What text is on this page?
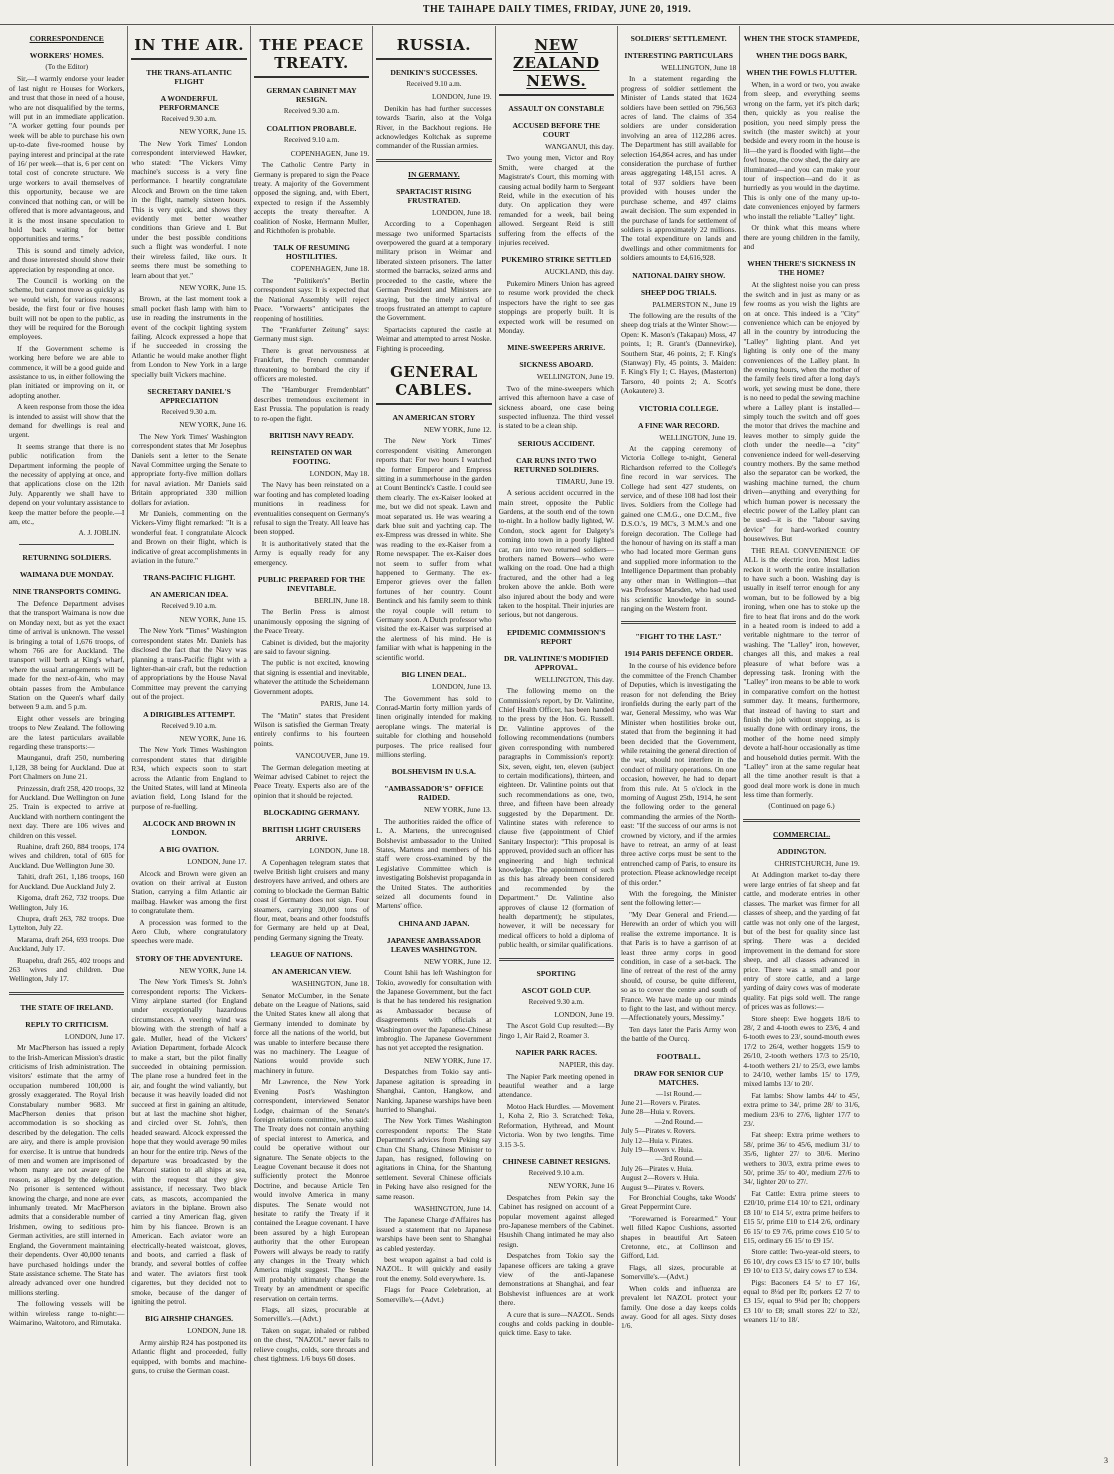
THE TAIHAPE DAILY TIMES, FRIDAY, JUNE 20, 1919.
CORRESPONDENCE
WORKERS' HOMES.
(To the Editor)
Sir,—I warmly endorse your leader of last night re Houses for Workers, and trust that those in need of a house, who are not disqualified by the terms, will put in an immediate application. "A worker getting four pounds per week will be able to purchase his own up-to-date five-roomed house by paying interest and principal at the rate of 16/ per week—that is, 6 per cent on total cost of concrete structure. We urge workers to avail themselves of this opportunity, because we are convinced that nothing can, or will be offered that is more advantageous, and it is the most insane speculation to hold back waiting for better opportunities and terms."
This is sound and timely advice, and those interested should show their appreciation by responding at once.
The Council is working on the scheme, but cannot move as quickly as we would wish, for various reasons; beside, the first four or five houses built will not be open to the public, as they will be required for the Borough employees.
If the Government scheme is working here before we are able to commence, it will be a good guide and assistance to us, in either following the plan initiated or improving on it, or adopting another.
A keen response from those the idea is intended to assist will show that the demand for dwellings is real and urgent.
It seems strange that there is no public notification from the Department informing the people of the necessity of applying at once, and that applications close on the 12th July. Apparently we shall have to depend on your voluntary assistance to keep the matter before the people.—I am, etc.,
A. J. JOBLIN.
RETURNING SOLDIERS.
WAIMANA DUE MONDAY.
NINE TRANSPORTS COMING.
The Defence Department advises that the transport Waimana is now due on Monday next, but as yet the exact time of arrival is unknown. The vessel is bringing a total of 1,676 troops, of whom 766 are for Auckland. The transport will berth at King's wharf, where the usual arrangements will be made for the next-of-kin, who may obtain passes from the Ambulance Station on the Queen's wharf daily between 9 a.m. and 5 p.m.
Eight other vessels are bringing troops to New Zealand. The following are the latest particulars available regarding these transports:—
Maunganui, draft 250, numbering 1,128, 38 being for Auckland. Due at Port Chalmers on June 21.
Prinzessin, draft 258, 420 troops, 32 for Auckland. Due Wellington on June 25. Train is expected to arrive at Auckland with northern contingent the next day. There are 106 wives and children on this vessel.
Ruahine, draft 260, 884 troops, 174 wives and children, total of 605 for Auckland. Due Wellington June 30.
Tahiti, draft 261, 1,186 troops, 160 for Auckland. Due Auckland July 2.
Kigoma, draft 262, 732 troops. Due Wellington, July 16.
Chupra, draft 263, 782 troops. Due Lyttelton, July 22.
Marama, draft 264, 693 troops. Due Auckland, July 17.
Ruapehu, draft 265, 402 troops and 263 wives and children. Due Wellington, July 17.
THE STATE OF IRELAND.
REPLY TO CRITICISM.
LONDON, June 17.
Mr MacPherson has issued a reply to the Irish-American Mission's drastic criticisms of Irish administration. The visitors' estimate that the army of occupation numbered 100,000 is grossly exaggerated. The Royal Irish Constabulary number 9683. Mr MacPherson denies that prison accommodation is so shocking as described by the delegation. The cells are airy, and there is ample provision for exercise. It is untrue that hundreds of men and women are imprisoned of whom many are not aware of the reason, as alleged by the delegation. No prisoner is sentenced without knowing the charge, and none are ever inhumanly treated. Mr MacPherson admits that a considerable number of Irishmen, owing to seditious pro-German activities, are still interned in England, the Government maintaining their dependents. Over 40,000 tenants have purchased holdings under the State assistance scheme. The State has already advanced over one hundred millions sterling.
The following vessels will be within wireless range to-night:—Waimarino, Waitotoro, and Rimutaka.
IN THE AIR.
THE TRANS-ATLANTIC FLIGHT
A WONDERFUL PERFORMANCE
Received 9.30 a.m.
NEW YORK, June 15.
The New York Times' London correspondent interviewed Hawker, who stated: "The Vickers Vimy machine's success is a very fine performance. I heartily congratulate Alcock and Brown on the time taken in the flight, namely sixteen hours. This is very quick, and shows they evidently met better weather conditions than Grieve and I. But under the best possible conditions such a flight was wonderful. I note their wireless failed, like ours. It seems there must be something to learn about that yet."
NEW YORK, June 15.
Brown, at the last moment took a small pocket flash lamp with him to use in reading the instruments in the event of the cockpit lighting system failing. Alcock expressed a hope that if he succeeded in crossing the Atlantic he would make another flight from London to New York in a large specially built Vickers machine.
SECRETARY DANIEL'S APPRECIATION
Received 9.30 a.m.
NEW YORK, June 16.
The New York Times' Washington correspondent states that Mr Josephus Daniels sent a letter to the Senate Naval Committee urging the Senate to appropriate forty-five million dollars for naval aviation. Mr Daniels said Britain appropriated 330 million dollars for aviation.
Mr Daniels, commenting on the Vickers-Vimy flight remarked: "It is a wonderful feat. I congratulate Alcock and Brown on their flight, which is indicative of great accomplishments in aviation in the future."
TRANS-PACIFIC FLIGHT.
AN AMERICAN IDEA.
Received 9.10 a.m.
NEW YORK, June 15.
The New York "Times" Washington correspondent states Mr. Daniels has disclosed the fact that the Navy was planning a trans-Pacific flight with a lighter-than-air craft, but the reduction of appropriations by the House Naval Committee may prevent the carrying out of the project.
A DIRIGIBLES ATTEMPT.
Received 9.10 a.m.
NEW YORK, June 16.
The New York Times Washington correspondent states that dirigible R34, which expects soon to start across the Atlantic from England to the United States, will land at Mineola aviation field, Long Island for the purpose of re-fuelling.
ALCOCK AND BROWN IN LONDON.
A BIG OVATION.
LONDON, June 17.
Alcock and Brown were given an ovation on their arrival at Euston Station, carrying a film Atlantic air mailbag. Hawker was among the first to congratulate them.
A procession was formed to the Aero Club, where congratulatory speeches were made.
STORY OF THE ADVENTURE.
NEW YORK, June 14.
The New York Times's St. John's correspondent reports: The Vickers-Vimy airplane started (for England under exceptionally hazardous circumstances. A veering wind was blowing with the strength of half a gale. Muller, head of the Vickers' Aviation Department, forbade Alcock to make a start, but the pilot finally succeeded in obtaining permission. The plane rose a hundred feet in the air, and fought the wind valiantly, but because it was heavily loaded did not succeed at first in gaining an altitude, but at last the machine shot higher, and circled over St. John's, then headed seaward. Alcock expressed the hope that they would average 90 miles an hour for the entire trip. News of the departure was broadcasted by the Marconi station to all ships at sea, with the request that they give assistance, if necessary. Two black cats, as mascots, accompanied the aviators in the biplane. Brown also carried a tiny American flag, given him by his fiancee. Brown is an American. Each aviator wore an electrically-heated waistcoat, gloves, and boots, and carried a flask of brandy, and several bottles of coffee and water. The aviators first took cigarettes, but they decided not to smoke, because of the danger of igniting the petrol.
BIG AIRSHIP CHANGES.
LONDON, June 18.
Army airship R24 has postponed its Atlantic flight and proceeded, fully equipped, with bombs and machine-guns, to cruise the German coast.
THE PEACE TREATY.
GERMAN CABINET MAY RESIGN.
Received 9.30 a.m.
COALITION PROBABLE.
Received 9.10 a.m.
COPENHAGEN, June 19.
The Catholic Centre Party in Germany is prepared to sign the Peace treaty. A majority of the Government opposed the signing, and, with Ebert, expected to resign if the Assembly accepts the treaty thereafter. A coalition of Noske, Hermann Muller, and Richthofen is probable.
TALK OF RESUMING HOSTILITIES.
COPENHAGEN, June 18.
The "Politiken's" Berlin correspondent says: It is expected that the National Assembly will reject Peace. "Vorwaerts" anticipates the reopening of hostilities.
The "Frankfurter Zeitung" says: Germany must sign.
There is great nervousness at Frankfurt, the French commander threatening to bombard the city if officers are molested.
The "Hamburger Fremdenblatt" describes tremendous excitement in East Prussia. The population is ready to re-open the fight.
BRITISH NAVY READY.
REINSTATED ON WAR FOOTING.
LONDON, May 18.
The Navy has been reinstated on a war footing and has completed loading munitions in readiness for eventualities consequent on Germany's refusal to sign the Treaty. All leave has been stopped.
It is authoritatively stated that the Army is equally ready for any emergency.
PUBLIC PREPARED FOR THE INEVITABLE.
BERLIN, June 18.
The Berlin Press is almost unanimously opposing the signing of the Peace Treaty.
Cabinet is divided, but the majority are said to favour signing.
The public is not excited, knowing that signing is essential and inevitable, whatever the attitude the Scheidemann Government adopts.
PARIS, June 14.
The "Matin" states that President Wilson is satisfied the German Treaty entirely confirms to his fourteen points.
VANCOUVER, June 19.
The German delegation meeting at Weimar advised Cabinet to reject the Peace Treaty. Experts also are of the opinion that it should be rejected.
BLOCKADING GERMANY.
BRITISH LIGHT CRUISERS ARRIVE.
LONDON, June 18.
A Copenhagen telegram states that twelve British light cruisers and many destroyers have arrived, and others are coming to blockade the German Baltic coast if Germany does not sign. Four steamers, carrying 30,000 tons of flour, meat, beans and other foodstuffs for Germany are held up at Deal, pending Germany signing the Treaty.
LEAGUE OF NATIONS.
AN AMERICAN VIEW.
WASHINGTON, June 18.
Senator McCumber, in the Senate debate on the League of Nations, said the United States knew all along that Germany intended to dominate by force all the nations of the world, but was unable to interfere because there was no machinery. The League of Nations would provide such machinery in future.
Mr Lawrence, the New York Evening Post's Washington correspondent, interviewed Senator Lodge, chairman of the Senate's foreign relations committee, who said: The Treaty does not contain anything of special interest to America, and could be operative without our signature. The Senate objects to the League Covenant because it does not sufficiently protect the Monroe Doctrine, and because Article Ten would involve America in many disputes. The Senate would not hesitate to ratify the Treaty if it contained the League covenant. I have been assured by a high European authority that the other European Powers will always be ready to ratify any changes in the Treaty which America might suggest. The Senate will probably ultimately change the Treaty by an amendment or specific reservation on certain terms.
Flags, all sizes, procurable at Somerville's.—(Advt.)
Taken on sugar, inhaled or rubbed on the chest, "NAZOL" never fails to relieve coughs, colds, sore throats and chest tightness. 1/6 buys 60 doses.
RUSSIA.
DENIKIN'S SUCCESSES.
Received 9.10 a.m.
LONDON, June 19.
Denikin has had further successes towards Tsarin, also at the Volga River, in the Backhout regions. He acknowledges Koltchak as supreme commander of the Russian armies.
IN GERMANY.
SPARTACIST RISING FRUSTRATED.
LONDON, June 18.
According to a Copenhagen message two uniformed Spartacists overpowered the guard at a temporary military prison in Weimar and liberated sixteen prisoners. The latter stormed the barracks, seized arms and proceeded to the castle, where the German President and Ministers are staying, but the timely arrival of troops frustrated an attempt to capture the Government.
Spartacists captured the castle at Weimar and attempted to arrest Noske. Fighting is proceeding.
GENERAL CABLES.
AN AMERICAN STORY
NEW YORK, June 12.
The New York Times' correspondent visiting Amerongen reports that: For two hours I watched the former Emperor and Empress sitting in a summerhouse in the garden at Count Bentinck's Castle. I could see them clearly. The ex-Kaiser looked at me, but we did not speak. Lawn and moat separated us. He was wearing a dark blue suit and yachting cap. The ex-Empress was dressed in white. She was reading to the ex-Kaiser from a Rome newspaper. The ex-Kaiser does not seem to suffer from what happened to Germany. The ex-Emperor grieves over the fallen fortunes of her country. Count Bentinck and his family seem to think the royal couple will return to Germany soon. A Dutch professor who visited the ex-Kaiser was surprised at the alertness of his mind. He is familiar with what is happening in the scientific world.
BIG LINEN DEAL.
LONDON, June 13.
The Government has sold to Conrad-Martin forty million yards of linen originally intended for making aeroplane wings. The material is suitable for clothing and household purposes. The price realised four millions sterling.
BOLSHEVISM IN U.S.A.
"AMBASSADOR'S" OFFICE RAIDED.
NEW YORK, June 13.
The authorities raided the office of L. A. Martens, the unrecognised Bolshevist ambassador to the United States, Martens and members of his staff were cross-examined by the Legislative Committee which is investigating Bolshevist propaganda in the United States. The authorities seized all documents found in Martens' office.
CHINA AND JAPAN.
JAPANESE AMBASSADOR LEAVES WASHINGTON.
NEW YORK, June 12.
Count Ishii has left Washington for Tokio, avowedly for consultation with the Japanese Government, but the fact is that he has tendered his resignation as Ambassador because of disagreements with officials at Washington over the Japanese-Chinese imbroglio. The Japanese Government has not yet accepted the resignation.
NEW YORK, June 17.
Despatches from Tokio say anti-Japanese agitation is spreading in Shanghai, Canton, Hangkow, and Nanking. Japanese warships have been hurried to Shanghai.
The New York Times Washington correspondent reports: The State Department's advices from Peking say Chun Chi Shang, Chinese Minister to Japan, has resigned, following on agitations in China, for the Shantung settlement. Several Chinese officials in Peking have also resigned for the same reason.
WASHINGTON, June 14.
The Japanese Charge d'Affaires has issued a statement that no Japanese warships have been sent to Shanghai as cabled yesterday.
best weapon against a bad cold is NAZOL. It will quickly and easily rout the enemy. Sold everywhere. 1s.
Flags for Peace Celebration, at Somerville's.—(Advt.)
NEW ZEALAND NEWS.
ASSAULT ON CONSTABLE
ACCUSED BEFORE THE COURT
WANGANUI, this day.
Two young men, Victor and Roy Smith, were charged at the Magistrate's Court, this morning with causing actual bodily harm to Sergeant Reid, while in the execution of his duty. On application they were remanded for a week, bail being allowed. Sergeant Reid is still suffering from the effects of the injuries received.
PUKEMIRO STRIKE SETTLED
AUCKLAND, this day.
Pukemiro Miners Union has agreed to resume work provided the check inspectors have the right to see gas stoppings are properly built. It is expected work will be resumed on Monday.
MINE-SWEEPERS ARRIVE.
SICKNESS ABOARD.
WELLINGTON, June 19.
Two of the mine-sweepers which arrived this afternoon have a case of sickness aboard, one case being suspected influenza. The third vessel is stated to be a clean ship.
SERIOUS ACCIDENT.
CAR RUNS INTO TWO RETURNED SOLDIERS.
TIMARU, June 19.
A serious accident occurred in the main street, opposite the Public Gardens, at the south end of the town to-night. In a hollow badly lighted, W. Condon, stock agent for Dalgety's coming into town in a poorly lighted car, ran into two returned soldiers—brothers named Bowers—who were walking on the road. One had a thigh fractured, and the other had a leg broken above the ankle. Both were also injured about the body and were taken to the hospital. Their injuries are serious, but not dangerous.
EPIDEMIC COMMISSION'S REPORT
DR. VALINTINE'S MODIFIED APPROVAL.
WELLINGTON, This day.
The following memo on the Commission's report, by Dr. Valintine, Chief Health Officer, has been handed to the press by the Hon. G. Russell. Dr. Valintine approves of the following recommendations (numbers given corresponding with numbered paragraphs in Commission's report): Six, seven, eight, ten, eleven (subject to certain modifications), thirteen, and eighteen. Dr. Valintine points out that such recommendations as one, two, three, and fifteen have been already suggested by the Department. Dr. Valintine states with reference to clause five (appointment of Chief Sanitary Inspector): "This proposal is approved, provided such an officer has engineering and high technical knowledge. The appointment of such as this has already been considered and recommended by the Department." Dr. Valintine also approves of clause 12 (formation of health department); he stipulates, however, it will be necessary for medical officers to hold a diploma of public health, or similar qualifications.
SPORTING
ASCOT GOLD CUP.
Received 9.30 a.m.
LONDON, June 19.
The Ascot Gold Cup resulted:—By Jingo 1, Air Raid 2, Roamer 3.
NAPIER PARK RACES.
NAPIER, this day.
The Napier Park meeting opened in beautiful weather and a large attendance.
Motoo Hack Hurdles. — Movement 1, Koha 2, Rio 3. Scratched: Teka, Reformation, Hythread, and Mount Victoria. Won by two lengths. Time 3.15 3-5.
CHINESE CABINET RESIGNS.
Received 9.10 a.m.
NEW YORK, June 16
Despatches from Pekin say the Cabinet has resigned on account of a popular movement against alleged pro-Japanese members of the Cabinet. Hsushih Chang intimated he may also resign.
Despatches from Tokio say the Japanese officers are taking a grave view of the anti-Japanese demonstrations at Shanghai, and fear Bolshevist influences are at work there.
A cure that is sure—NAZOL. Sends coughs and colds packing in double-quick time. Easy to take.
SOLDIERS' SETTLEMENT.
INTERESTING PARTICULARS
WELLINGTON, June 18
In a statement regarding the progress of soldier settlement the Minister of Lands stated that 1624 soldiers have been settled on 796,563 acres of land. The claims of 354 soldiers are under consideration involving an area of 112,286 acres. The Department has still available for selection 164,864 acres, and has under consideration the purchase of further areas aggregating 148,151 acres. A total of 937 soldiers have been provided with houses under the purchase scheme, and 497 claims await decision. The sum expended in the purchase of lands for settlement of soldiers is approximately 22 millions. The total expenditure on lands and dwellings and other commitments for soldiers amounts to £4,616,928.
NATIONAL DAIRY SHOW.
SHEEP DOG TRIALS.
PALMERSTON N., June 19
The following are the results of the sheep dog trials at the Winter Show:—Open: K. Mason's (Takapau) Moss, 47 points, 1; R. Grant's (Dannevirke), Southern Star, 46 points, 2; F. King's (Stanway) Fly, 45 points, 3. Maiden: F. King's Fly 1; C. Hayes, (Masterton) Tarsoro, 40 points 2; A. Scott's (Aokautere) 3.
VICTORIA COLLEGE.
A FINE WAR RECORD.
WELLINGTON, June 19.
At the capping ceremony of Victoria College to-night, General Richardson referred to the College's fine record in war services. The College had sent 427 students, on service, and of these 108 had lost their lives. Soldiers from the College had gained one C.M.G., one D.C.M., five D.S.O.'s, 19 MC's, 3 M.M.'s and one foreign decoration. The College had the honour of having on its staff a man who had located more German guns and supplied more information to the Intelligence Department than probably any other man in Wellington—that was Professor Marsden, who had used his scientific knowledge in sound-ranging on the Western front.
"FIGHT TO THE LAST."
1914 PARIS DEFENCE ORDER.
In the course of his evidence before the committee of the French Chamber of Deputies, which is investigating the reason for not defending the Briey ironfields during the early part of the war, General Messimy, who was War Minister when hostilities broke out, stated that from the beginning it had been decided that the Government, while retaining the general direction of the war, should not interfere in the conduct of military operations. On one occasion, however, he had to depart from this rule. At 5 o'clock in the morning of August 25th, 1914, he sent the following order to the general commanding the armies of the North-east: "If the success of our arms is not crowned by victory, and if the armies have to retreat, an army of at least three active corps must be sent to the entrenched camp of Paris, to ensure its protection. Please acknowledge receipt of this order."
With the foregoing, the Minister sent the following letter:—
"My Dear General and Friend.—Herewith an order of which you will realise the extreme importance. It is that Paris is to have a garrison of at least three army corps in good condition, in case of a set-back. The line of retreat of the rest of the army should, of course, be quite different, so as to cover the centre and south of France. We have made up our minds to fight to the last, and without mercy.—Affectionately yours, Messimy."
Ten days later the Paris Army won the battle of the Ourcq.
FOOTBALL.
DRAW FOR SENIOR CUP MATCHES.
—1st Round.—
June 21—Rovers v. Pirates.
June 28—Huia v. Rovers.
—2nd Round.—
July 5—Pirates v. Rovers.
July 12—Huia v. Pirates.
July 19—Rovers v. Huia.
—3rd Round.—
July 26—Pirates v. Huia.
August 2—Rovers v. Huia.
August 9—Pirates v. Rovers.
For Bronchial Coughs, take Woods' Great Peppermint Cure.
"Forewarned is Forearmed." Your well filled Kapoc Cushions, assorted shapes in beautiful Art Sateen Cretonne, etc., at Collinson and Gifford, Ltd.
Flags, all sizes, procurable at Somerville's.—(Advt.)
When colds and influenza are prevalent let NAZOL protect your family. One dose a day keeps colds away. Good for all ages. Sixty doses 1/6.
WHEN THE STOCK STAMPEDE,
WHEN THE DOGS BARK,
WHEN THE FOWLS FLUTTER.
When, in a word or two, you awake from sleep, and everything seems wrong on the farm, yet it's pitch dark; then, quickly as you realise the position, you need simply press the switch (the master switch) at your bedside and every room in the house is lit—the yard is flooded with light—the fowl house, the cow shed, the dairy are illuminated—and you can make your tour of inspection—and do it as hurriedly as you would in the daytime. This is only one of the many up-to-date conveniences enjoyed by farmers who install the reliable "Lalley" light.
Or think what this means where there are young children in the family, and
WHEN THERE'S SICKNESS IN THE HOME?
At the slightest noise you can press the switch and in just as many or as few rooms as you wish the lights are on at once. This indeed is a "City" convenience which can be enjoyed by all in the country by introducing the "Lalley" lighting plant. And yet lighting is only one of the many conveniences of the Lalley plant. In the evening hours, when the mother of the family feels tired after a long day's work, yet sewing must be done, there is no need to pedal the sewing machine where a Lalley plant is installed—simply touch the switch and off goes the motor that drives the machine and leaves mother to simply guide the cloth under the needle—a "city" convenience indeed for well-deserving country mothers. By the same method also the separator can be worked, the washing machine turned, the churn driven—anything and everything for which human power is necessary the electric power of the Lalley plant can be used—it is the "labour saving device" for hard-worked country housewives. But
THE REAL CONVENIENCE OF ALL is the electric iron. Most ladies reckon it worth the entire installation to have such a boon. Washing day is usually in itself terror enough for any woman, but to be followed by a big ironing, when one has to stoke up the fire to heat flat irons and do the work in a heated room is indeed to add a veritable nightmare to the terror of washing. The "Lalley" iron, however, changes all this, and makes a real pleasure of what before was a depressing task. Ironing with the "Lalley" iron means to be able to work in comparative comfort on the hottest summer day. It means, furthermore, that instead of having to start and finish the job without stopping, as is usually done with ordinary irons, the mother of the home need simply devote a half-hour occasionally as time and household duties permit. With the "Lalley" iron at the same regular heat all the time another result is that a good deal more work is done in much less time than formerly.
(Continued on page 6.)
COMMERCIAL.
ADDINGTON.
CHRISTCHURCH, June 19.
At Addington market to-day there were large entries of fat sheep and fat cattle, and moderate entries in other classes. The market was firmer for all classes of sheep, and the yarding of fat cattle was not only one of the largest, but of the best for quality since last spring. There was a decided improvement in the demand for store sheep, and all classes advanced in price. There was a small and poor entry of store cattle, and a large yarding of dairy cows was of moderate quality. Fat pigs sold well. The range of prices was as follows:—
Store sheep: Ewe hoggets 18/6 to 28/, 2 and 4-tooth ewes to 23/6, 4 and 6-tooth ewes to 23/, sound-mouth ewes 17/2 to 26/4, wether hoggets 15/9 to 26/10, 2-tooth wethers 17/3 to 25/10, 4-tooth wethers 21/ to 25/3, ewe lambs to 24/10, wether lambs 15/ to 17/9, mixed lambs 13/ to 20/.
Fat lambs: Show lambs 44/ to 45/, extra prime to 34/, prime 28/ to 31/6, medium 23/6 to 27/6, lighter 17/7 to 23/.
Fat sheep: Extra prime wethers to 58/, prime 36/ to 45/6, medium 31/ to 35/6, lighter 27/ to 30/6. Merino wethers to 30/3, extra prime ewes to 50/, prime 35/ to 40/, medium 27/6 to 34/, lighter 20/ to 27/.
Fat Cattle: Extra prime steers to £20/10, prime £14 10/ to £21, ordinary £8 10/ to £14 5/, extra prime heifers to £15 5/, prime £10 to £14 2/6, ordinary £6 15/ to £9 7/6, prime cows £10 5/ to £15, ordinary £6 15/ to £9 15/.
Store cattle: Two-year-old steers, to £6 10/, dry cows £3 15/ to £7 10/, bulls £9 10/ to £13 5/, dairy cows £7 to £34.
Pigs: Baconers £4 5/ to £7 16/, equal to 8¼d per lb; porkers £2 7/ to £3 15/, equal to 9¼d per lb; choppers £3 10/ to £8; small stores 22/ to 32/, weaners 11/ to 18/.
3
